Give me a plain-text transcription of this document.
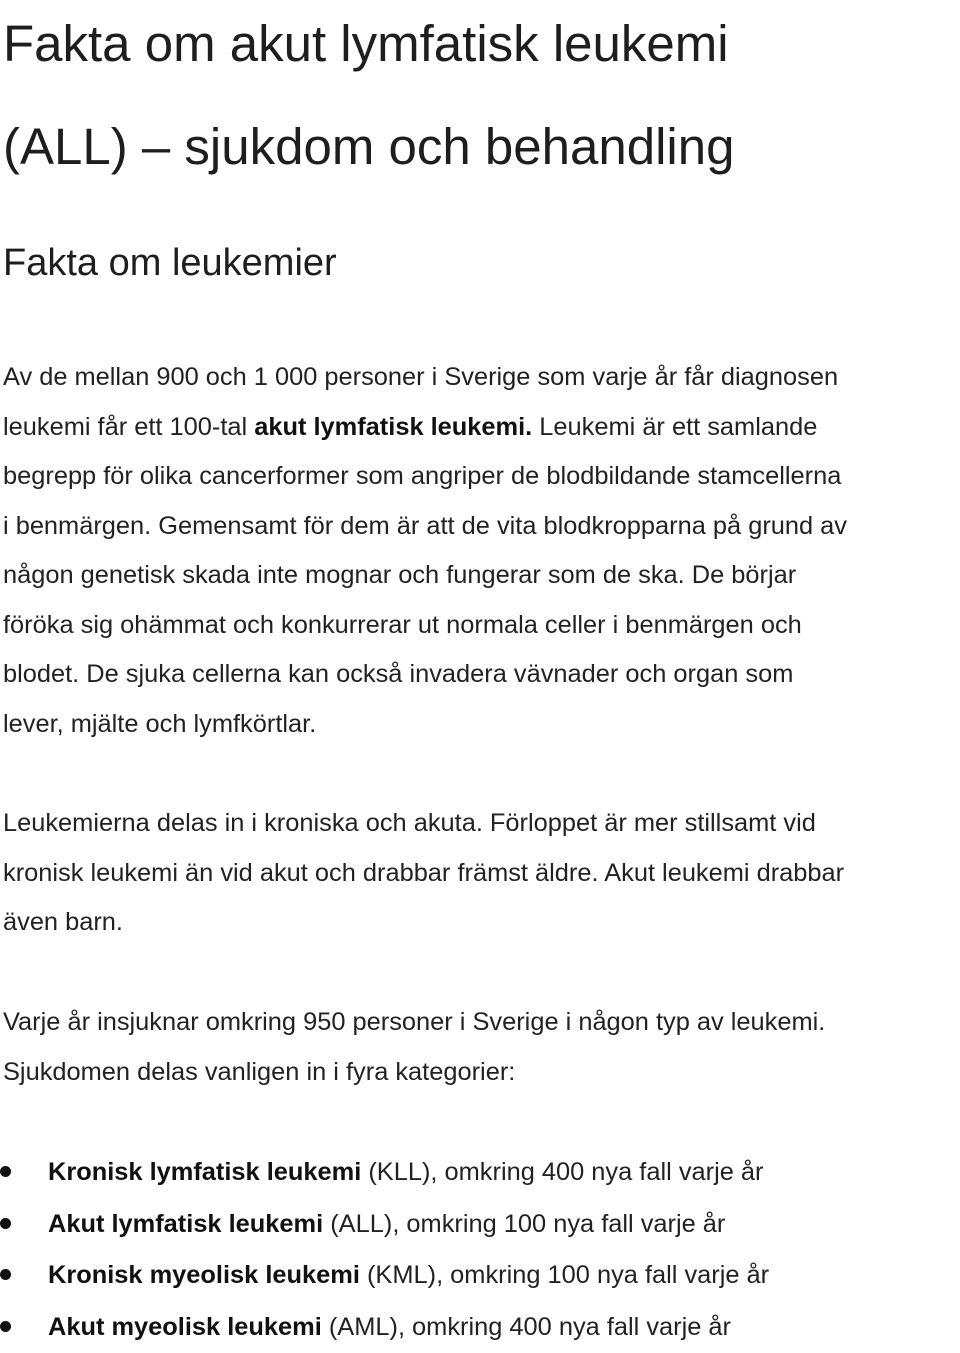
Fakta om akut lymfatisk leukemi
(ALL) – sjukdom och behandling
Fakta om leukemier

Av de mellan 900 och 1 000 personer i Sverige som varje år får diagnosen
leukemi får ett 100-tal akut lymfatisk leukemi. Leukemi är ett samlande
begrepp för olika cancerformer som angriper de blodbildande stamcellerna
i benmärgen. Gemensamt för dem är att de vita blodkropparna på grund av
någon genetisk skada inte mognar och fungerar som de ska. De börjar
föröka sig ohämmat och konkurrerar ut normala celler i benmärgen och
blodet. De sjuka cellerna kan också invadera vävnader och organ som
lever, mjälte och lymfkörtlar.

Leukemierna delas in i kroniska och akuta. Förloppet är mer stillsamt vid
kronisk leukemi än vid akut och drabbar främst äldre. Akut leukemi drabbar
även barn.

Varje år insjuknar omkring 950 personer i Sverige i någon typ av leukemi.
Sjukdomen delas vanligen in i fyra kategorier:

Kronisk lymfatisk leukemi (KLL), omkring 400 nya fall varje år
Akut lymfatisk leukemi (ALL), omkring 100 nya fall varje år
Kronisk myeolisk leukemi (KML), omkring 100 nya fall varje år
Akut myeolisk leukemi (AML), omkring 400 nya fall varje år
